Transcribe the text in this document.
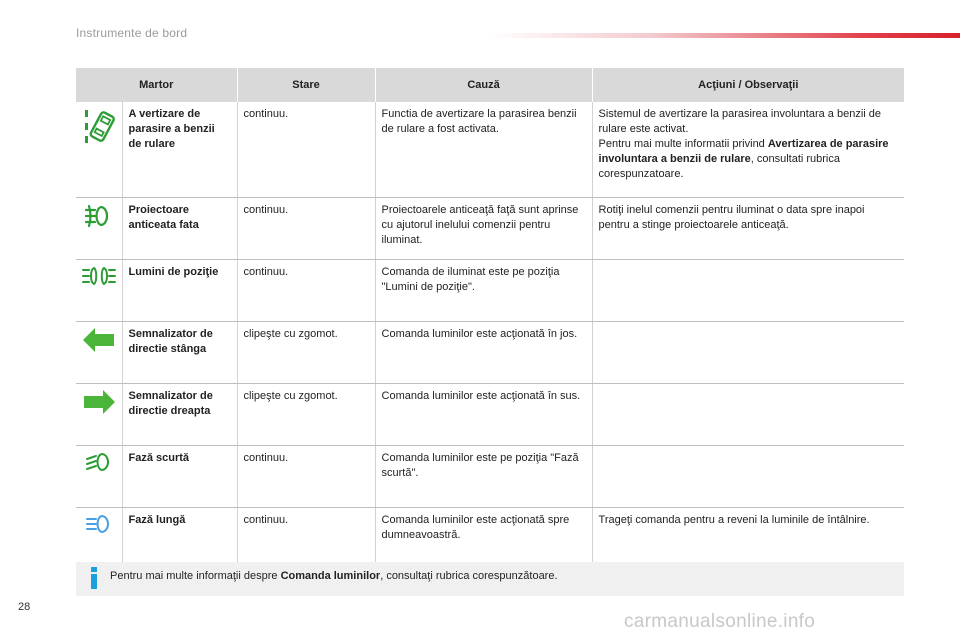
Instrumente de bord
Martor		Stare	Cauză	Acţiuni / Observaţii
	A vertizare de parasire a benzii de rulare	continuu.	Functia de avertizare la parasirea benzii de rulare a fost activata.	Sistemul de avertizare la parasirea involuntara a benzii de rulare este activat.
Pentru mai multe informatii privind Avertizarea de parasire involuntara a benzii de rulare, consultati rubrica corespunzatoare.
	Proiectoare anticeata fata	continuu.	Proiectoarele anticeaţă faţă sunt aprinse cu ajutorul inelului comenzii pentru iluminat.	Rotiţi inelul comenzii pentru iluminat o data spre inapoi pentru a stinge proiectoarele anticeaţă.
	Lumini de poziţie	continuu.	Comanda de iluminat este pe poziţia "Lumini de poziţie".	
	Semnalizator de directie stânga	clipeşte cu zgomot.	Comanda luminilor este acţionată în jos.	
	Semnalizator de directie dreapta	clipeşte cu zgomot.	Comanda luminilor este acţionată în sus.	
	Fază scurtă	continuu.	Comanda luminilor este pe poziţia "Fază scurtă".	
	Fază lungă	continuu.	Comanda luminilor este acţionată spre dumneavoastră.	Trageţi comanda pentru a reveni la luminile de întâlnire.
Pentru mai multe informaţii despre Comanda luminilor, consultaţi rubrica corespunzătoare.
28
carmanualsonline.info
